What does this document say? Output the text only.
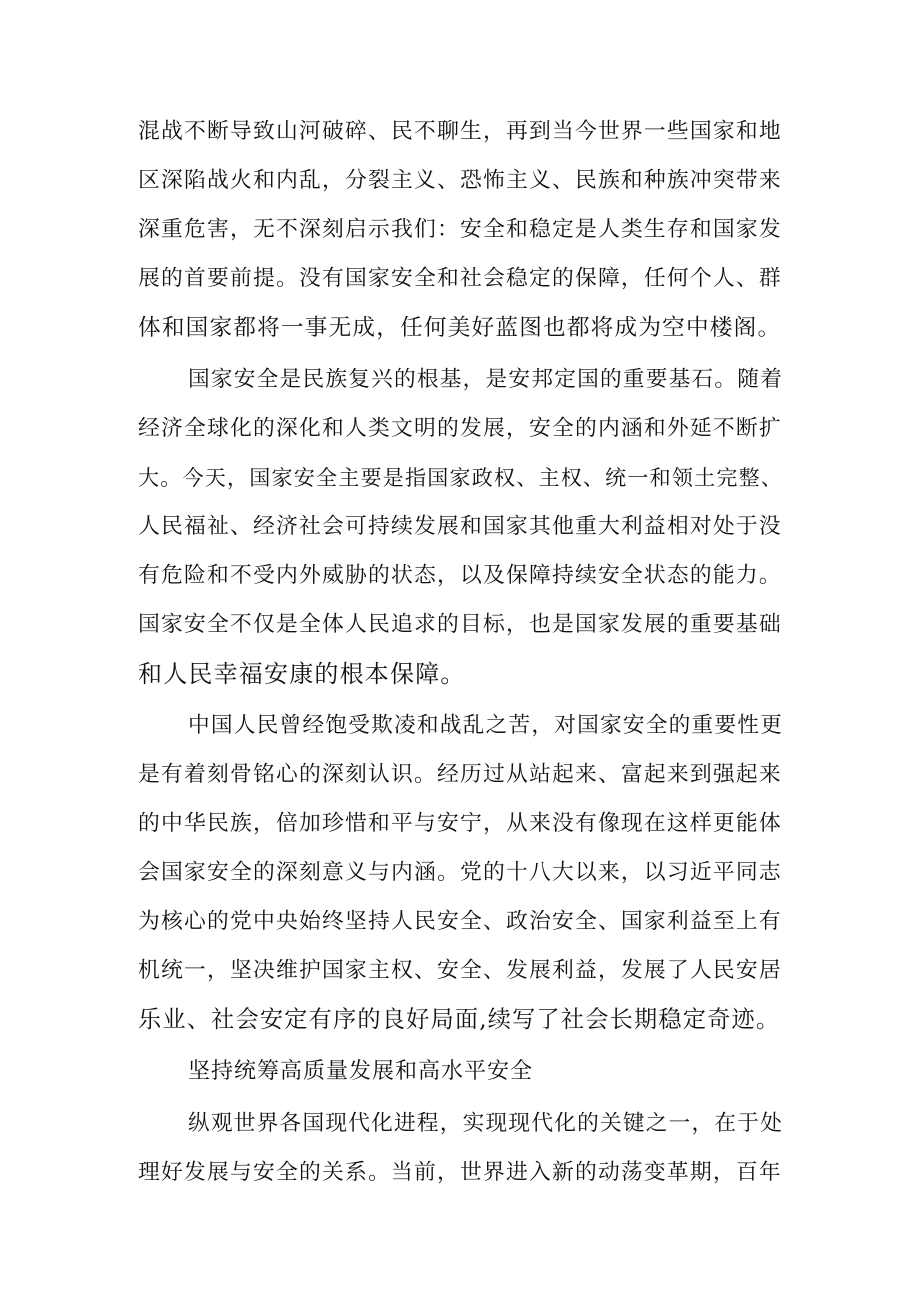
混战不断导致山河破碎、民不聊生，再到当今世界一些国家和地
区深陷战火和内乱，分裂主义、恐怖主义、民族和种族冲突带来
深重危害，无不深刻启示我们：安全和稳定是人类生存和国家发
展的首要前提。没有国家安全和社会稳定的保障，任何个人、群
体和国家都将一事无成，任何美好蓝图也都将成为空中楼阁。
国家安全是民族复兴的根基，是安邦定国的重要基石。随着
经济全球化的深化和人类文明的发展，安全的内涵和外延不断扩
大。今天，国家安全主要是指国家政权、主权、统一和领土完整、
人民福祉、经济社会可持续发展和国家其他重大利益相对处于没
有危险和不受内外威胁的状态，以及保障持续安全状态的能力。
国家安全不仅是全体人民追求的目标，也是国家发展的重要基础
和人民幸福安康的根本保障。
中国人民曾经饱受欺凌和战乱之苦，对国家安全的重要性更
是有着刻骨铭心的深刻认识。经历过从站起来、富起来到强起来
的中华民族，倍加珍惜和平与安宁，从来没有像现在这样更能体
会国家安全的深刻意义与内涵。党的十八大以来，以习近平同志
为核心的党中央始终坚持人民安全、政治安全、国家利益至上有
机统一，坚决维护国家主权、安全、发展利益，发展了人民安居
乐业、社会安定有序的良好局面,续写了社会长期稳定奇迹。
坚持统筹高质量发展和高水平安全
纵观世界各国现代化进程，实现现代化的关键之一，在于处
理好发展与安全的关系。当前，世界进入新的动荡变革期，百年
